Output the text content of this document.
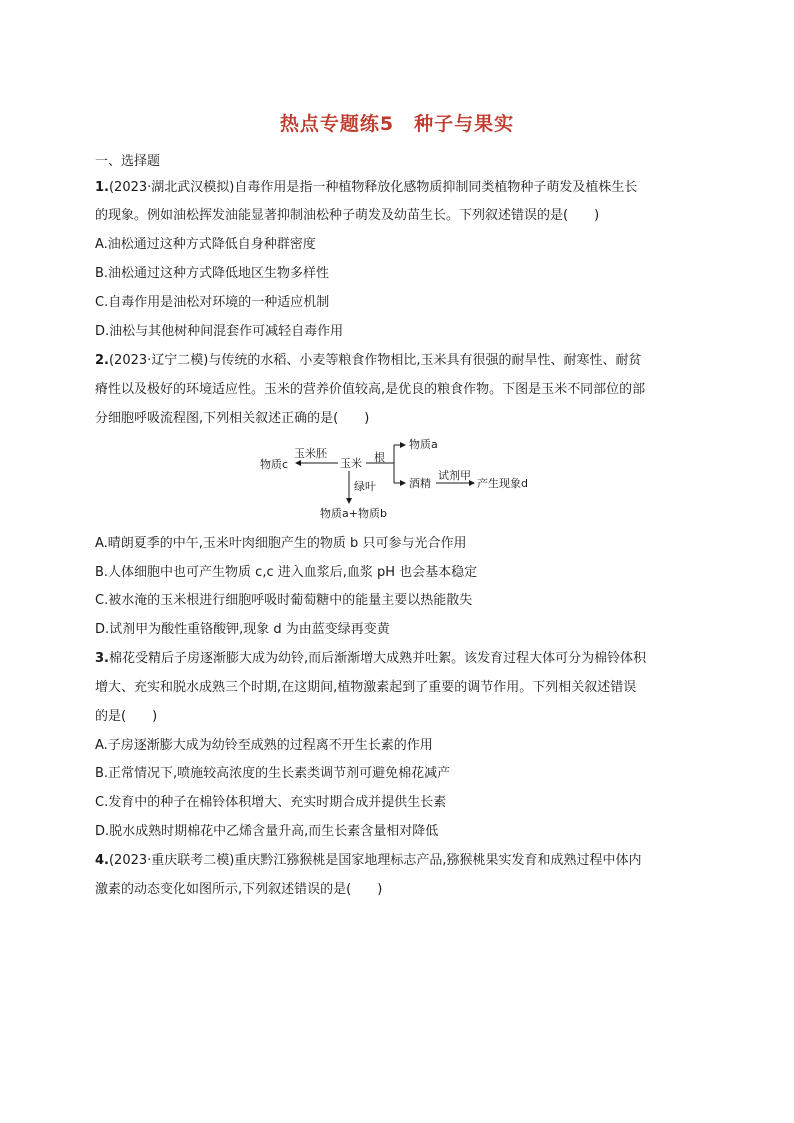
热点专题练5　种子与果实
一、选择题
1.(2023·湖北武汉模拟)自毒作用是指一种植物释放化感物质抑制同类植物种子萌发及植株生长
的现象。例如油松挥发油能显著抑制油松种子萌发及幼苗生长。下列叙述错误的是(　　)
A.油松通过这种方式降低自身种群密度
B.油松通过这种方式降低地区生物多样性
C.自毒作用是油松对环境的一种适应机制
D.油松与其他树种间混套作可减轻自毒作用
2.(2023·辽宁二模)与传统的水稻、小麦等粮食作物相比,玉米具有很强的耐旱性、耐寒性、耐贫
瘠性以及极好的环境适应性。玉米的营养价值较高,是优良的粮食作物。下图是玉米不同部位的部
分细胞呼吸流程图,下列相关叙述正确的是(　　)
物质c	玉米
玉米胚	根
物质a
酒精
试剂甲
产生现象d
绿叶
物质a+物质b
A.晴朗夏季的中午,玉米叶肉细胞产生的物质 b 只可参与光合作用
B.人体细胞中也可产生物质 c,c 进入血浆后,血浆 pH 也会基本稳定
C.被水淹的玉米根进行细胞呼吸时葡萄糖中的能量主要以热能散失
D.试剂甲为酸性重铬酸钾,现象 d 为由蓝变绿再变黄
3.棉花受精后子房逐渐膨大成为幼铃,而后渐渐增大成熟并吐絮。该发育过程大体可分为棉铃体积
增大、充实和脱水成熟三个时期,在这期间,植物激素起到了重要的调节作用。下列相关叙述错误
的是(　　)
A.子房逐渐膨大成为幼铃至成熟的过程离不开生长素的作用
B.正常情况下,喷施较高浓度的生长素类调节剂可避免棉花减产
C.发育中的种子在棉铃体积增大、充实时期合成并提供生长素
D.脱水成熟时期棉花中乙烯含量升高,而生长素含量相对降低
4.(2023·重庆联考二模)重庆黔江猕猴桃是国家地理标志产品,猕猴桃果实发育和成熟过程中体内
激素的动态变化如图所示,下列叙述错误的是(　　)
